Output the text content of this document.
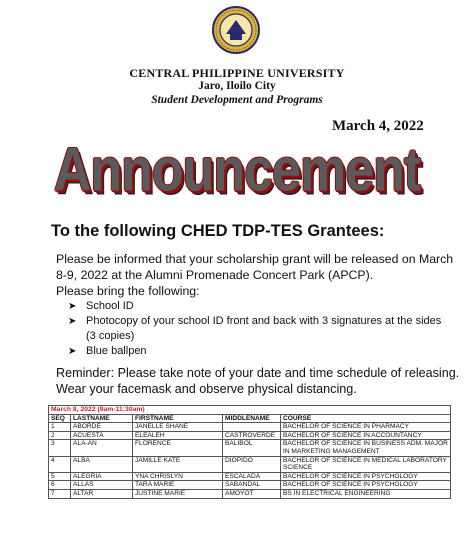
CENTRAL PHILIPPINE UNIVERSITY
Jaro, Iloilo City
Student Development and Programs
March 4, 2022
Announcement
To the following CHED TDP-TES Grantees:
Please be informed that your scholarship grant will be released on March 8-9, 2022 at the Alumni Promenade Concert Park (APCP).
Please bring the following:
➤ School ID
➤ Photocopy of your school ID front and back with 3 signatures at the sides
(3 copies)
➤ Blue ballpen
Reminder: Please take note of your date and time schedule of releasing. Wear your facemask and observe physical distancing.
March 8, 2022 (9am-11:30am)				
SEQ	LASTNAME	FIRSTNAME	MIDDLENAME	COURSE
1	ABORDE	JANELLE SHANE		BACHELOR OF SCIENCE IN PHARMACY
2	ACUESTA	ELEALEH	CASTROVERDE	BACHELOR OF SCIENCE IN ACCOUNTANCY
3	ALA-AN	FLORENCE	BALIBOL	BACHELOR OF SCIENCE IN BUSINESS ADM. MAJOR IN MARKETING MANAGEMENT
4	ALBA	JAMILLE KATE	DIOPIDO	BACHELOR OF SCIENCE IN MEDICAL LABORATORY SCIENCE
5	ALEGRIA	YNA CHRISLYN	ESCALADA	BACHELOR OF SCIENCE IN PSYCHOLOGY
6	ALLAS	TARA MARIE	SABANDAL	BACHELOR OF SCIENCE IN PSYCHOLOGY
7	ALTAR	JUSTINE MARIE	AMOYOT	BS IN ELECTRICAL ENGINEERING
